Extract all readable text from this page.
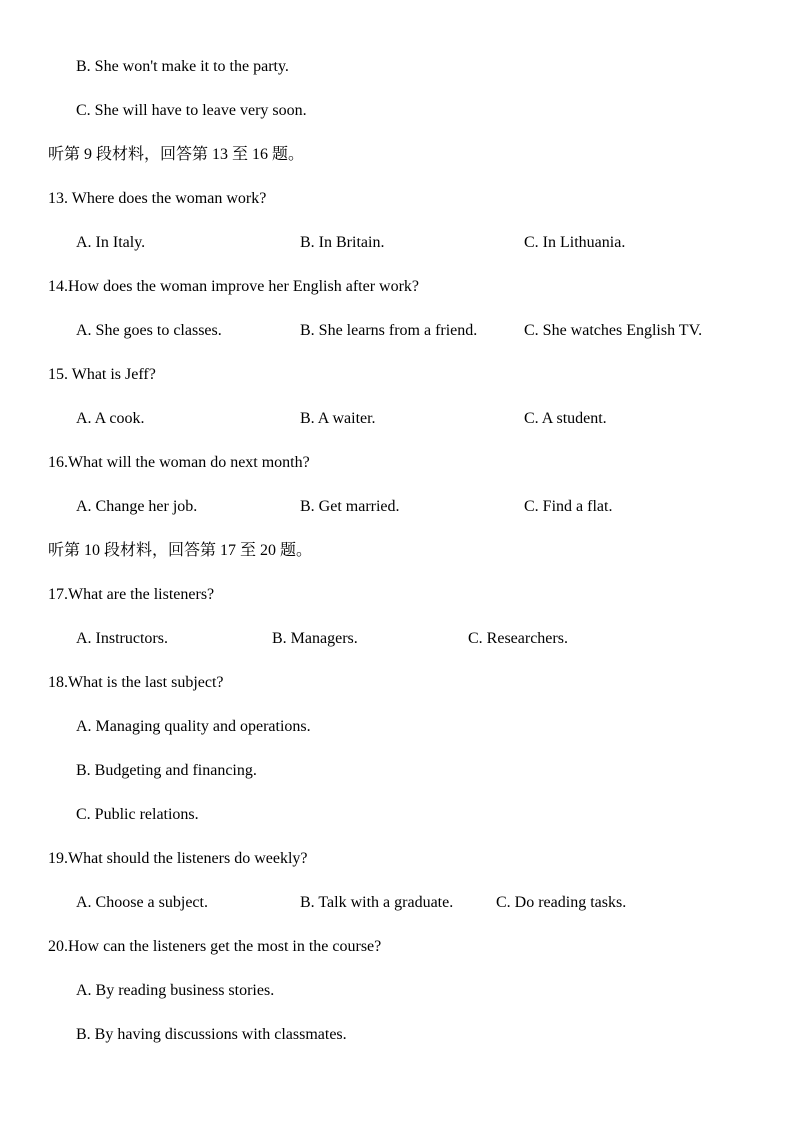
B. She won't make it to the party.
C. She will have to leave very soon.
听第 9 段材料，回答第 13 至 16 题。
13. Where does the woman work?
A. In Italy.	B. In Britain.	C. In Lithuania.
14.How does the woman improve her English after work?
A. She goes to classes.	B. She learns from a friend.	C. She watches English TV.
15. What is Jeff?
A. A cook.	B. A waiter.	C. A student.
16.What will the woman do next month?
A. Change her job.	B. Get married.	C. Find a flat.
听第 10 段材料，回答第 17 至 20 题。
17.What are the listeners?
A. Instructors.	B. Managers.	C. Researchers.
18.What is the last subject?
A. Managing quality and operations.
B. Budgeting and financing.
C. Public relations.
19.What should the listeners do weekly?
A. Choose a subject.	B. Talk with a graduate.	C. Do reading tasks.
20.How can the listeners get the most in the course?
A. By reading business stories.
B. By having discussions with classmates.
